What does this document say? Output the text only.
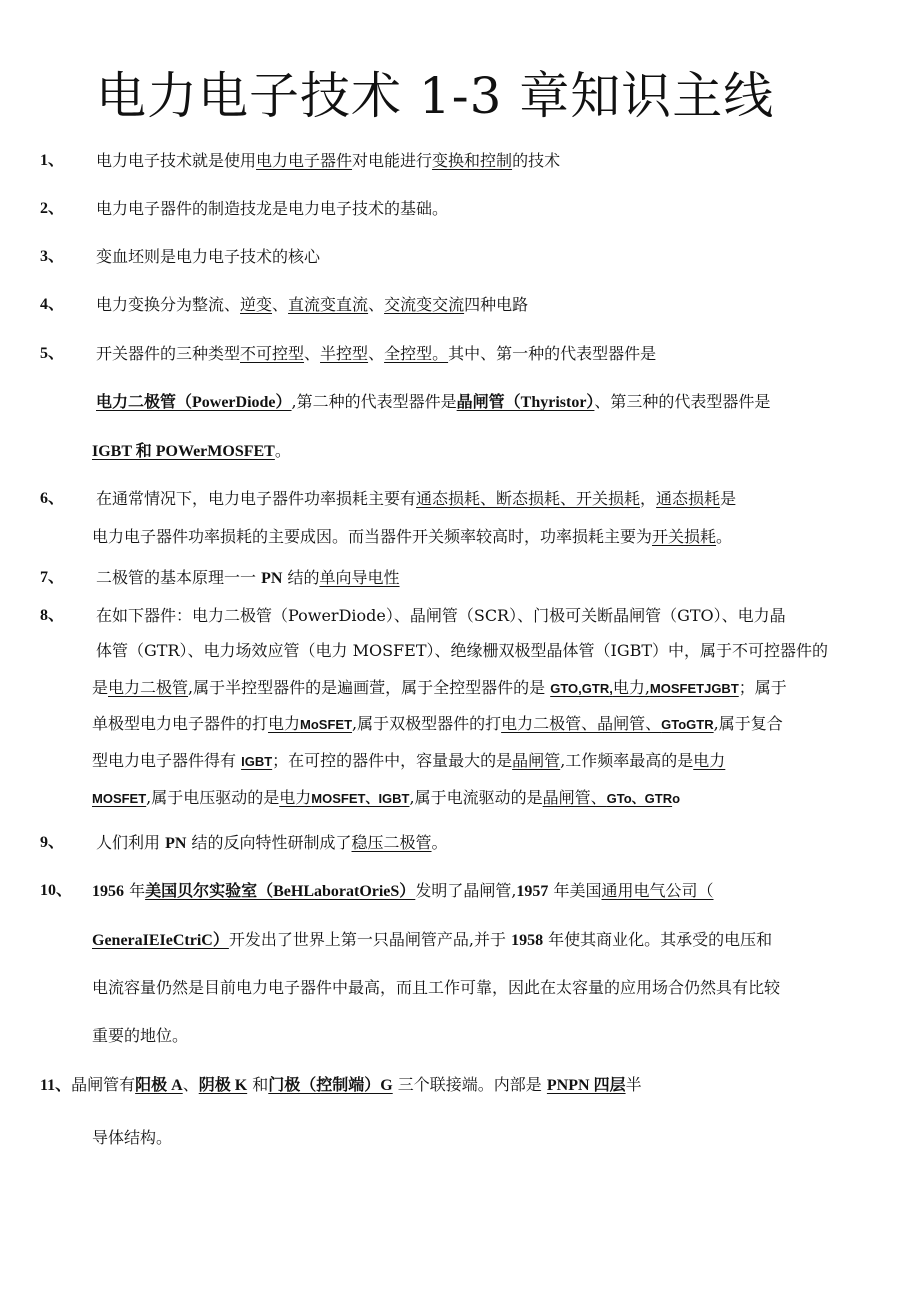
电力电子技术 1-3 章知识主线
1、 电力电子技术就是使用电力电子器件对电能进行变换和控制的技术
2、 电力电子器件的制造技龙是电力电子技术的基础。
3、 变血坯则是电力电子技术的核心
4、 电力变换分为整流、逆变、直流变直流、交流变交流四种电路
5、 开关器件的三种类型不可控型、半控型、全控型。其中、第一种的代表型器件是
电力二极管（PowerDiode）,第二种的代表型器件是晶闸管（Thyristor）、第三种的代表型器件是
IGBT 和 POWerMOSFET。
6、 在通常情况下，电力电子器件功率损耗主要有通态损耗、断态损耗、开关损耗，通态损耗是
电力电子器件功率损耗的主要成因。而当器件开关频率较高时，功率损耗主要为开关损耗。
7、 二极管的基本原理一一 PN 结的单向导电性
8、 在如下器件：电力二极管（PowerDiode）、晶闸管（SCR）、门极可关断晶闸管（GTO）、电力晶
体管（GTR）、电力场效应管（电力 MOSFET）、绝缘栅双极型晶体管（IGBT）中，属于不可控器件的
是电力二极管,属于半控型器件的是遍画萱，属于全控型器件的是 GTO,GTR,电力,MOSFETJGBT；属于
单极型电力电子器件的打电力MoSFET,属于双极型器件的打电力二极管、晶闸管、GToGTR,属于复合
型电力电子器件得有 IGBT；在可控的器件中，容量最大的是晶闸管,工作频率最高的是电力
MOSFET,属于电压驱动的是电力MOSFET、IGBT,属于电流驱动的是晶闸管、GTo、GTRo
9、 人们利用 PN 结的反向特性研制成了稳压二极管。
10、 1956 年美国贝尔实验室（BeHLaboratOrieS）发明了晶闸管,1957 年美国通用电气公司（
GeneraIEIeCtriC）开发出了世界上第一只晶闸管产品,并于 1958 年使其商业化。其承受的电压和
电流容量仍然是目前电力电子器件中最高，而且工作可靠，因此在太容量的应用场合仍然具有比较
重要的地位。
11、晶闸管有阳极 A、阴极 K 和门极（控制端）G 三个联接端。内部是 PNPN 四层半
导体结构。
